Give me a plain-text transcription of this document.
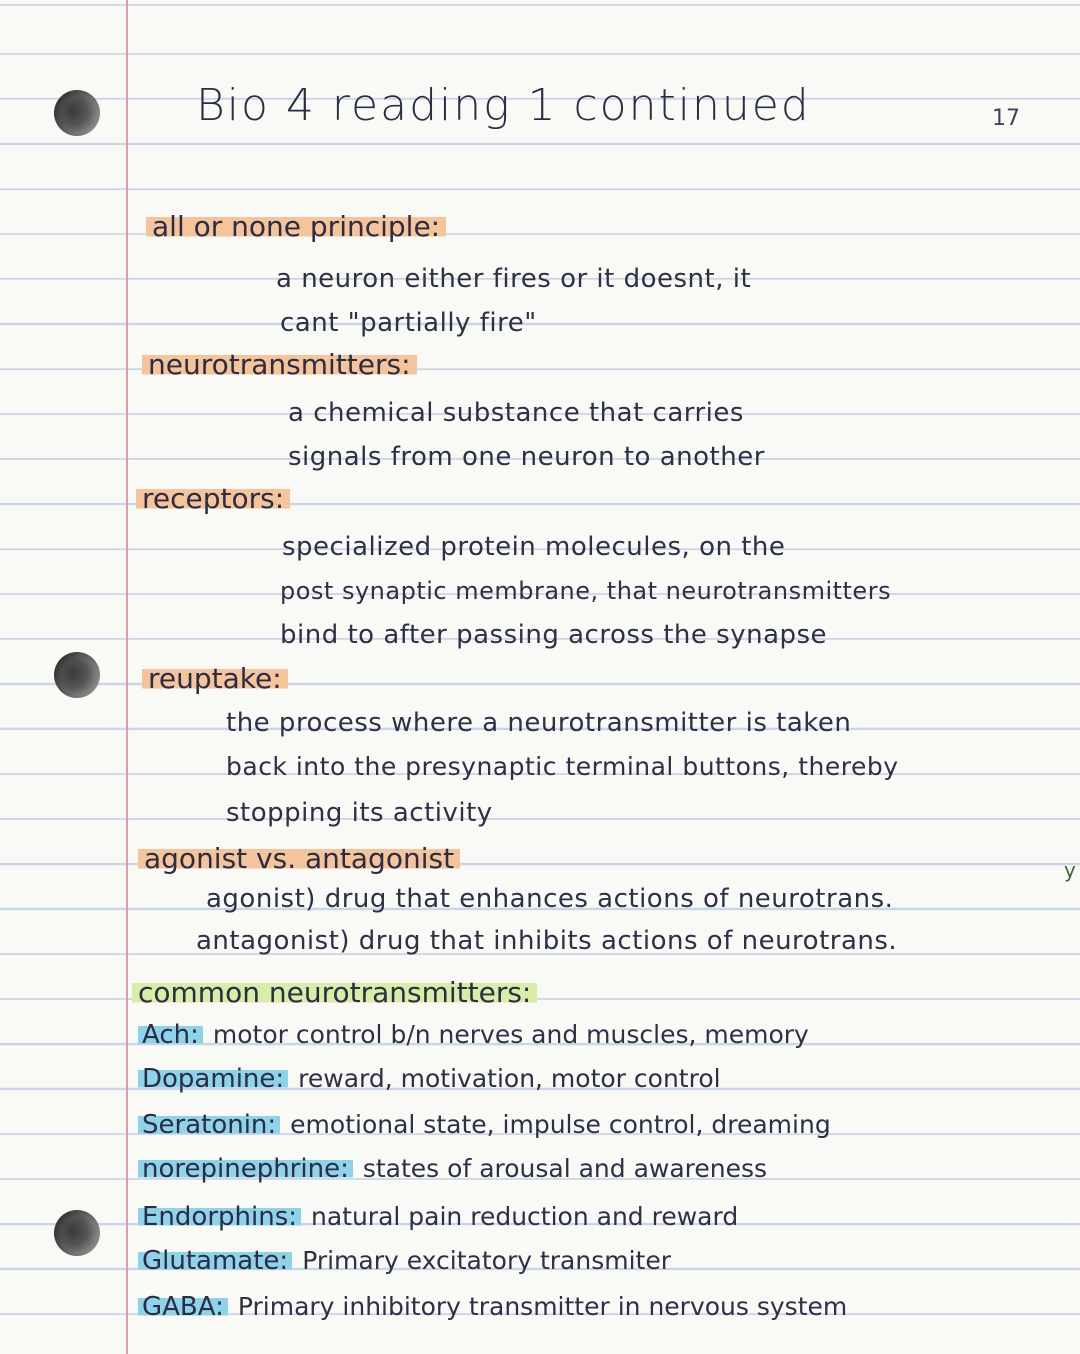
Bio 4 reading 1 continued	17
all or none principle:
a neuron either fires or it doesnt, it
cant "partially fire"
neurotransmitters:
a chemical substance that carries
signals from one neuron to another
receptors:
specialized protein molecules, on the
post synaptic membrane, that neurotransmitters
bind to after passing across the synapse
reuptake:
the process where a neurotransmitter is taken
back into the presynaptic terminal buttons, thereby
stopping its activity
agonist vs. antagonist
agonist) drug that enhances actions of neurotrans.
antagonist) drug that inhibits actions of neurotrans.
common neurotransmitters:
Ach: motor control b/n nerves and muscles, memory
Dopamine: reward, motivation, motor control
Seratonin: emotional state, impulse control, dreaming
norepinephrine: states of arousal and awareness
Endorphins: natural pain reduction and reward
Glutamate: Primary excitatory transmiter
GABA: Primary inhibitory transmitter in nervous system
y
